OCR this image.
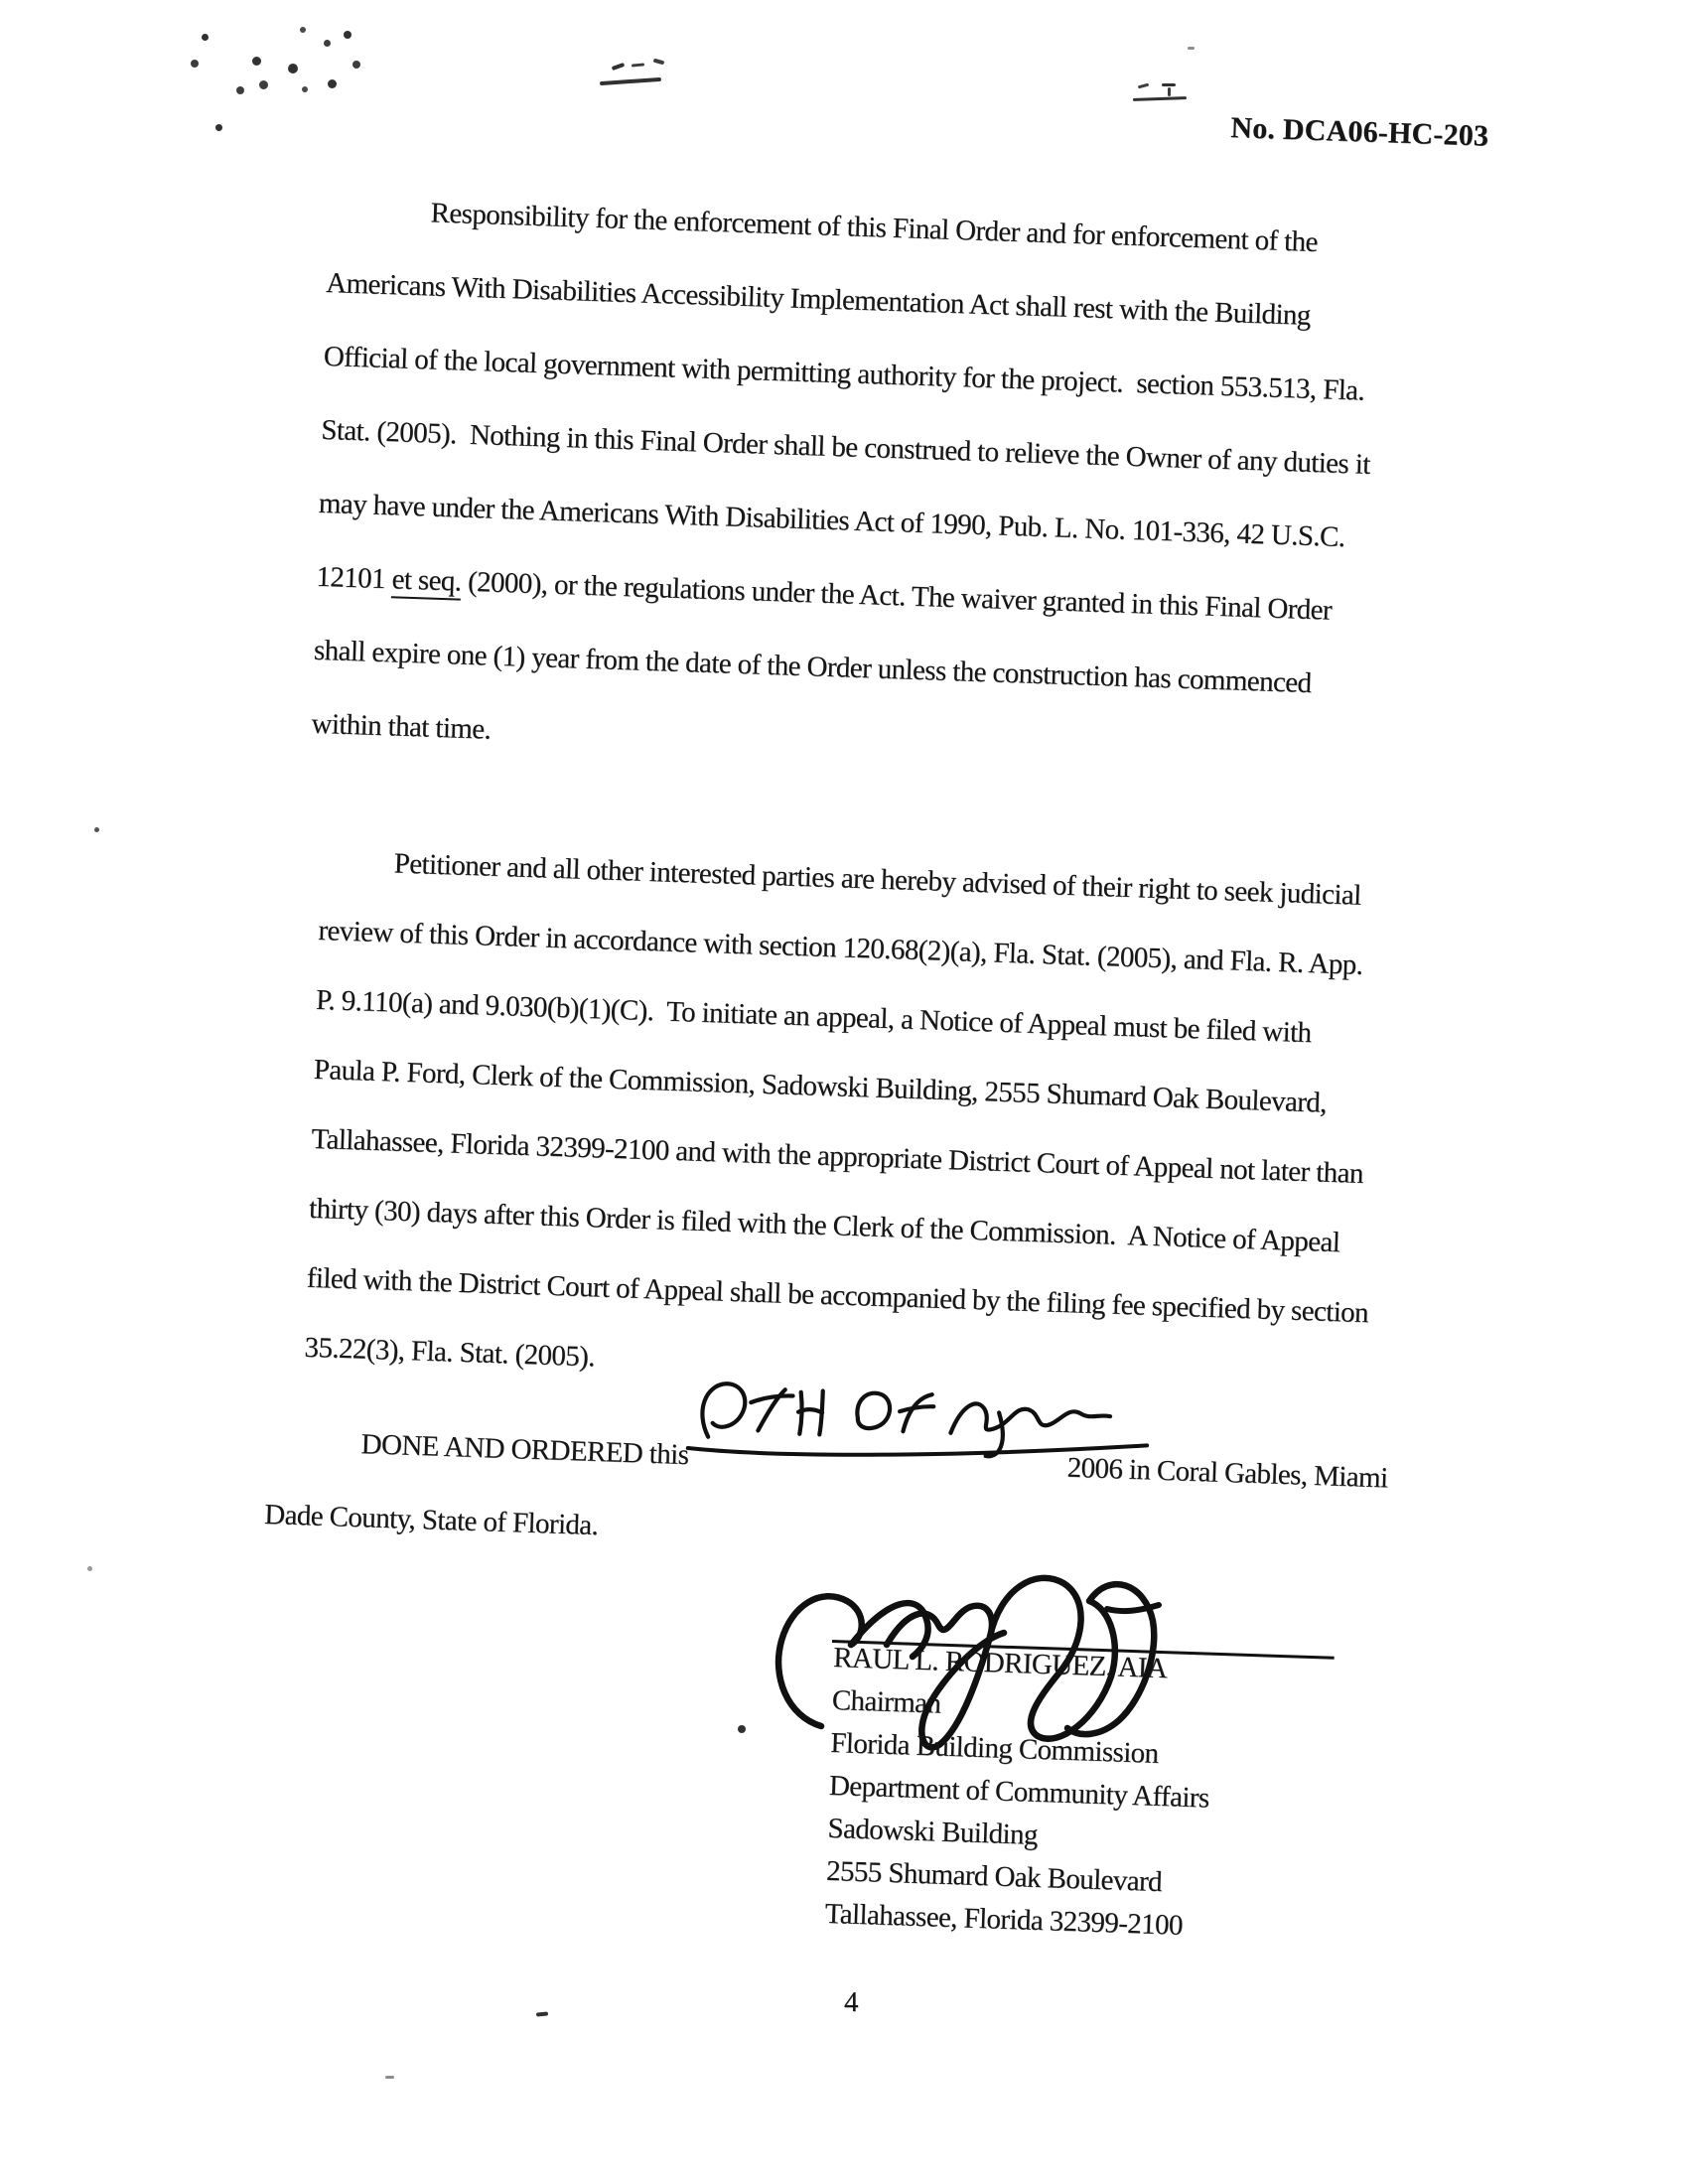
No. DCA06-HC-203
Responsibility for the enforcement of this Final Order and for enforcement of the
Americans With Disabilities Accessibility Implementation Act shall rest with the Building
Official of the local government with permitting authority for the project.  section 553.513, Fla.
Stat. (2005).  Nothing in this Final Order shall be construed to relieve the Owner of any duties it
may have under the Americans With Disabilities Act of 1990, Pub. L. No. 101-336, 42 U.S.C.
12101 et seq. (2000), or the regulations under the Act. The waiver granted in this Final Order
shall expire one (1) year from the date of the Order unless the construction has commenced
within that time.
Petitioner and all other interested parties are hereby advised of their right to seek judicial
review of this Order in accordance with section 120.68(2)(a), Fla. Stat. (2005), and Fla. R. App.
P. 9.110(a) and 9.030(b)(1)(C).  To initiate an appeal, a Notice of Appeal must be filed with
Paula P. Ford, Clerk of the Commission, Sadowski Building, 2555 Shumard Oak Boulevard,
Tallahassee, Florida 32399-2100 and with the appropriate District Court of Appeal not later than
thirty (30) days after this Order is filed with the Clerk of the Commission.  A Notice of Appeal
filed with the District Court of Appeal shall be accompanied by the filing fee specified by section
35.22(3), Fla. Stat. (2005).
DONE AND ORDERED this

2006 in Coral Gables, Miami
Dade County, State of Florida.
RAUL L. RODRIGUEZ, AIA
Chairman
Florida Building Commission
Department of Community Affairs
Sadowski Building
2555 Shumard Oak Boulevard
Tallahassee, Florida 32399-2100
4
